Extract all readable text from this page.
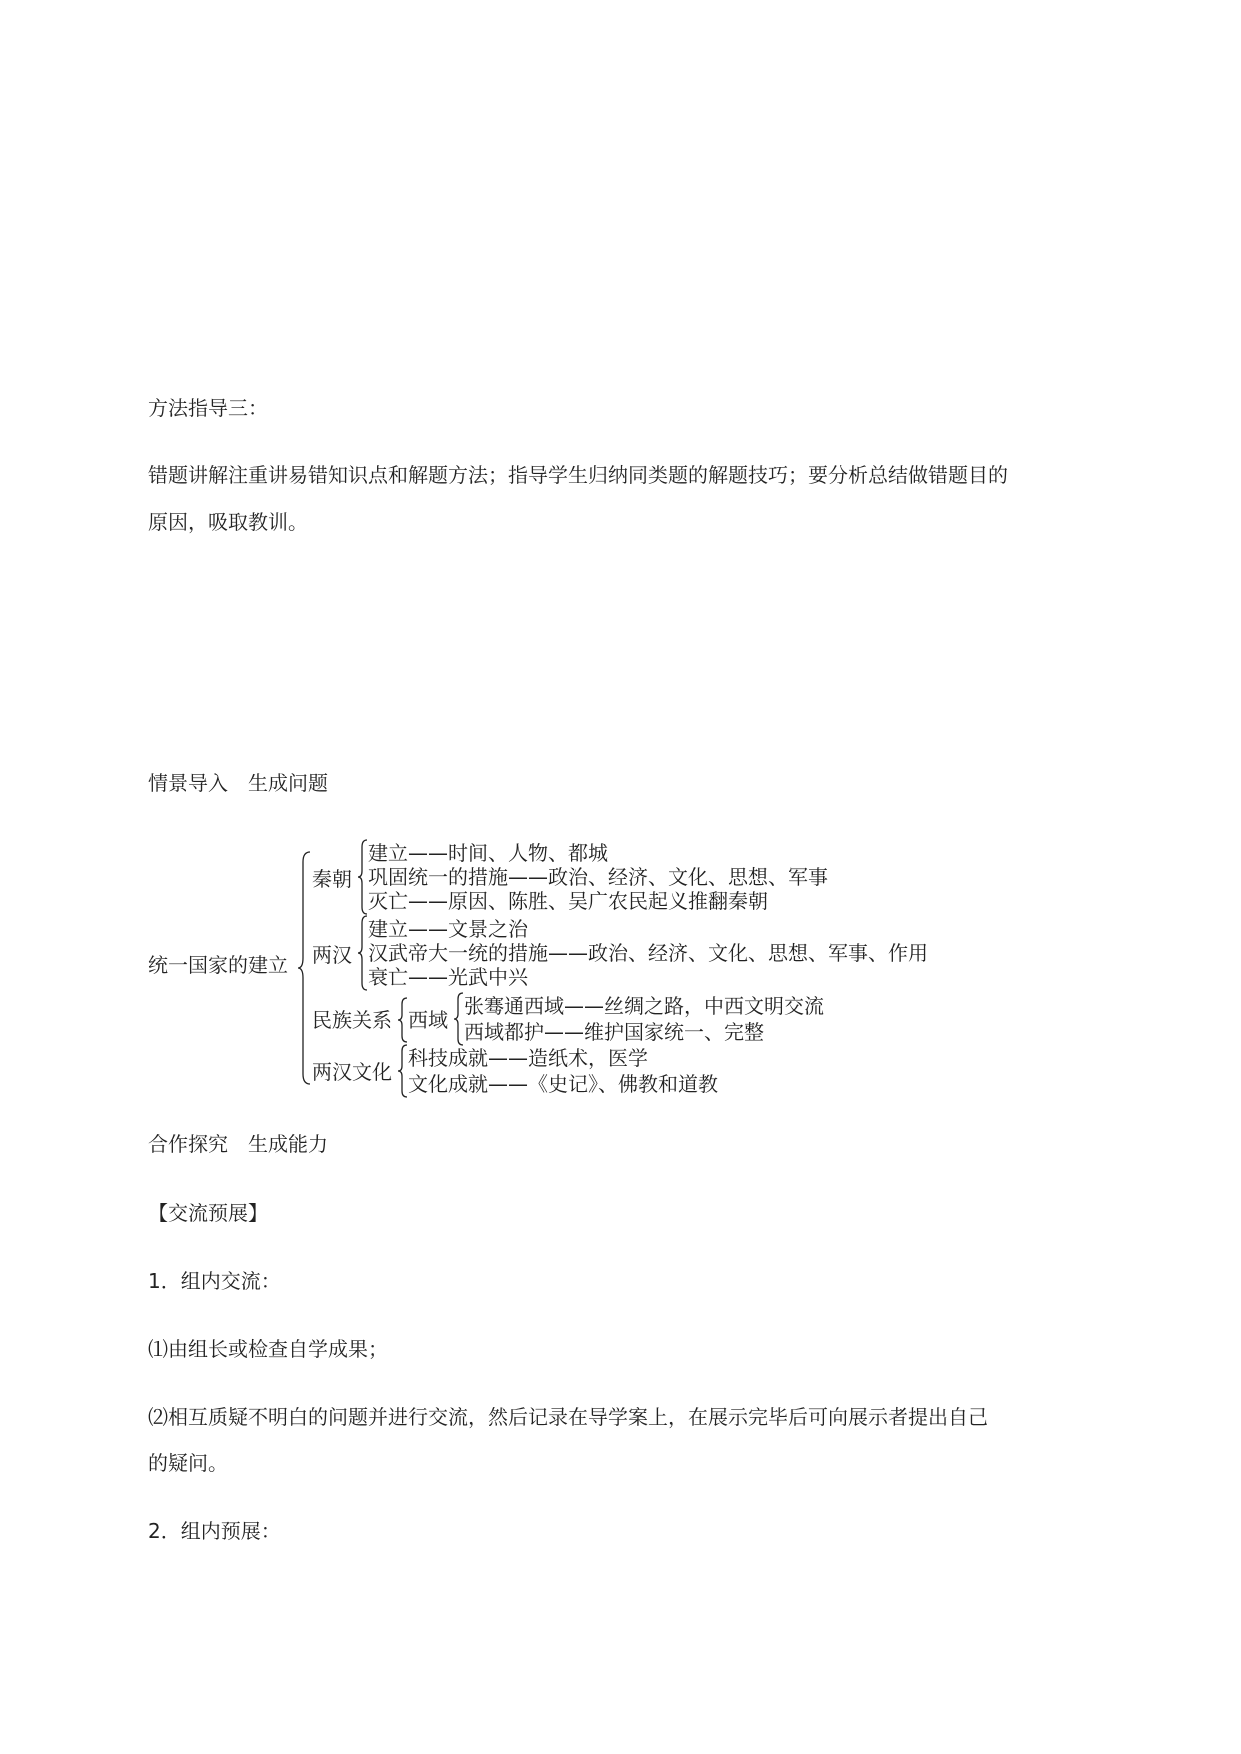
方法指导三：
错题讲解注重讲易错知识点和解题方法；指导学生归纳同类题的解题技巧；要分析总结做错题目的
原因，吸取教训。
情景导入　生成问题
统一国家的建立
秦朝
建立——时间、人物、都城
巩固统一的措施——政治、经济、文化、思想、军事
灭亡——原因、陈胜、吴广农民起义推翻秦朝
两汉
建立——文景之治
汉武帝大一统的措施——政治、经济、文化、思想、军事、作用
衰亡——光武中兴
民族关系 西域
张骞通西域——丝绸之路，中西文明交流
西域都护——维护国家统一、完整
两汉文化
科技成就——造纸术，医学
文化成就——《史记》、佛教和道教
合作探究　生成能力
【交流预展】
1．组内交流：
⑴由组长或检查自学成果；
⑵相互质疑不明白的问题并进行交流，然后记录在导学案上，在展示完毕后可向展示者提出自己
的疑问。
2．组内预展：
